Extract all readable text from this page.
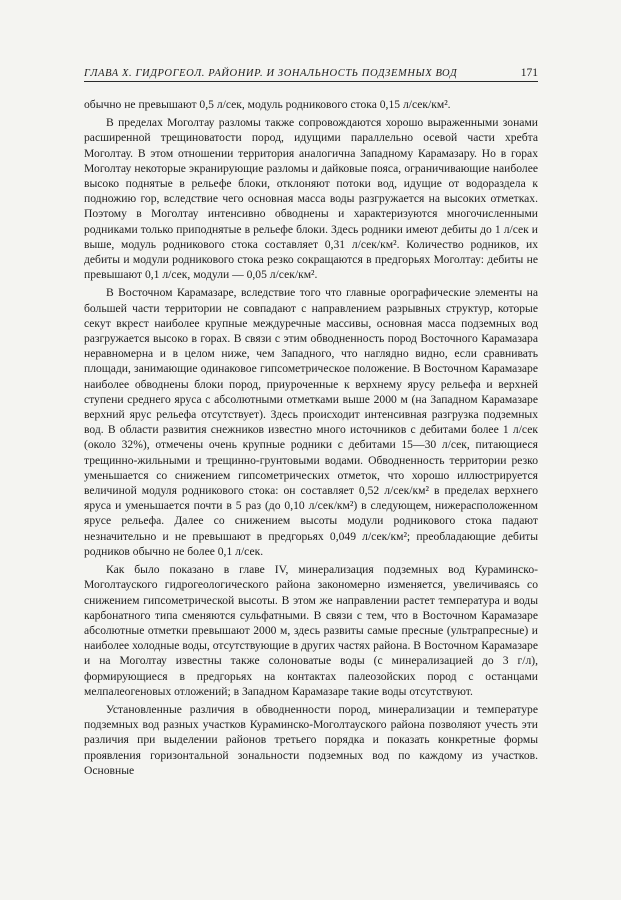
ГЛАВА X. ГИДРОГЕОЛ. РАЙОНИР. И ЗОНАЛЬНОСТЬ ПОДЗЕМНЫХ ВОД	171

обычно не превышают 0,5 л/сек, модуль родникового стока 0,15 л/сек/км².

В пределах Моголтау разломы также сопровождаются хорошо выраженными зонами расширенной трещиноватости пород, идущими параллельно осевой части хребта Моголтау. В этом отношении территория аналогична Западному Карамазару. Но в горах Моголтау некоторые экранирующие разломы и дайковые пояса, ограничивающие наиболее высоко поднятые в рельефе блоки, отклоняют потоки вод, идущие от водораздела к подножию гор, вследствие чего основная масса воды разгружается на высоких отметках. Поэтому в Моголтау интенсивно обводнены и характеризуются многочисленными родниками только приподнятые в рельефе блоки. Здесь родники имеют дебиты до 1 л/сек и выше, модуль родникового стока составляет 0,31 л/сек/км². Количество родников, их дебиты и модули родникового стока резко сокращаются в предгорьях Моголтау: дебиты не превышают 0,1 л/сек, модули — 0,05 л/сек/км².

В Восточном Карамазаре, вследствие того что главные орографические элементы на большей части территории не совпадают с направлением разрывных структур, которые секут вкрест наиболее крупные междуречные массивы, основная масса подземных вод разгружается высоко в горах. В связи с этим обводненность пород Восточного Карамазара неравномерна и в целом ниже, чем Западного, что наглядно видно, если сравнивать площади, занимающие одинаковое гипсометрическое положение. В Восточном Карамазаре наиболее обводнены блоки пород, приуроченные к верхнему ярусу рельефа и верхней ступени среднего яруса с абсолютными отметками выше 2000 м (на Западном Карамазаре верхний ярус рельефа отсутствует). Здесь происходит интенсивная разгрузка подземных вод. В области развития снежников известно много источников с дебитами более 1 л/сек (около 32%), отмечены очень крупные родники с дебитами 15—30 л/сек, питающиеся трещинно-жильными и трещинно-грунтовыми водами. Обводненность территории резко уменьшается со снижением гипсометрических отметок, что хорошо иллюстрируется величиной модуля родникового стока: он составляет 0,52 л/сек/км² в пределах верхнего яруса и уменьшается почти в 5 раз (до 0,10 л/сек/км²) в следующем, нижерасположенном ярусе рельефа. Далее со снижением высоты модули родникового стока падают незначительно и не превышают в предгорьях 0,049 л/сек/км²; преобладающие дебиты родников обычно не более 0,1 л/сек.

Как было показано в главе IV, минерализация подземных вод Кураминско-Моголтауского гидрогеологического района закономерно изменяется, увеличиваясь со снижением гипсометрической высоты. В этом же направлении растет температура и воды карбонатного типа сменяются сульфатными. В связи с тем, что в Восточном Карамазаре абсолютные отметки превышают 2000 м, здесь развиты самые пресные (ультрапресные) и наиболее холодные воды, отсутствующие в других частях района. В Восточном Карамазаре и на Моголтау известны также солоноватые воды (с минерализацией до 3 г/л), формирующиеся в предгорьях на контактах палеозойских пород с останцами мелпалеогеновых отложений; в Западном Карамазаре такие воды отсутствуют.

Установленные различия в обводненности пород, минерализации и температуре подземных вод разных участков Кураминско-Моголтауского района позволяют учесть эти различия при выделении районов третьего порядка и показать конкретные формы проявления горизонтальной зональности подземных вод по каждому из участков. Основные
